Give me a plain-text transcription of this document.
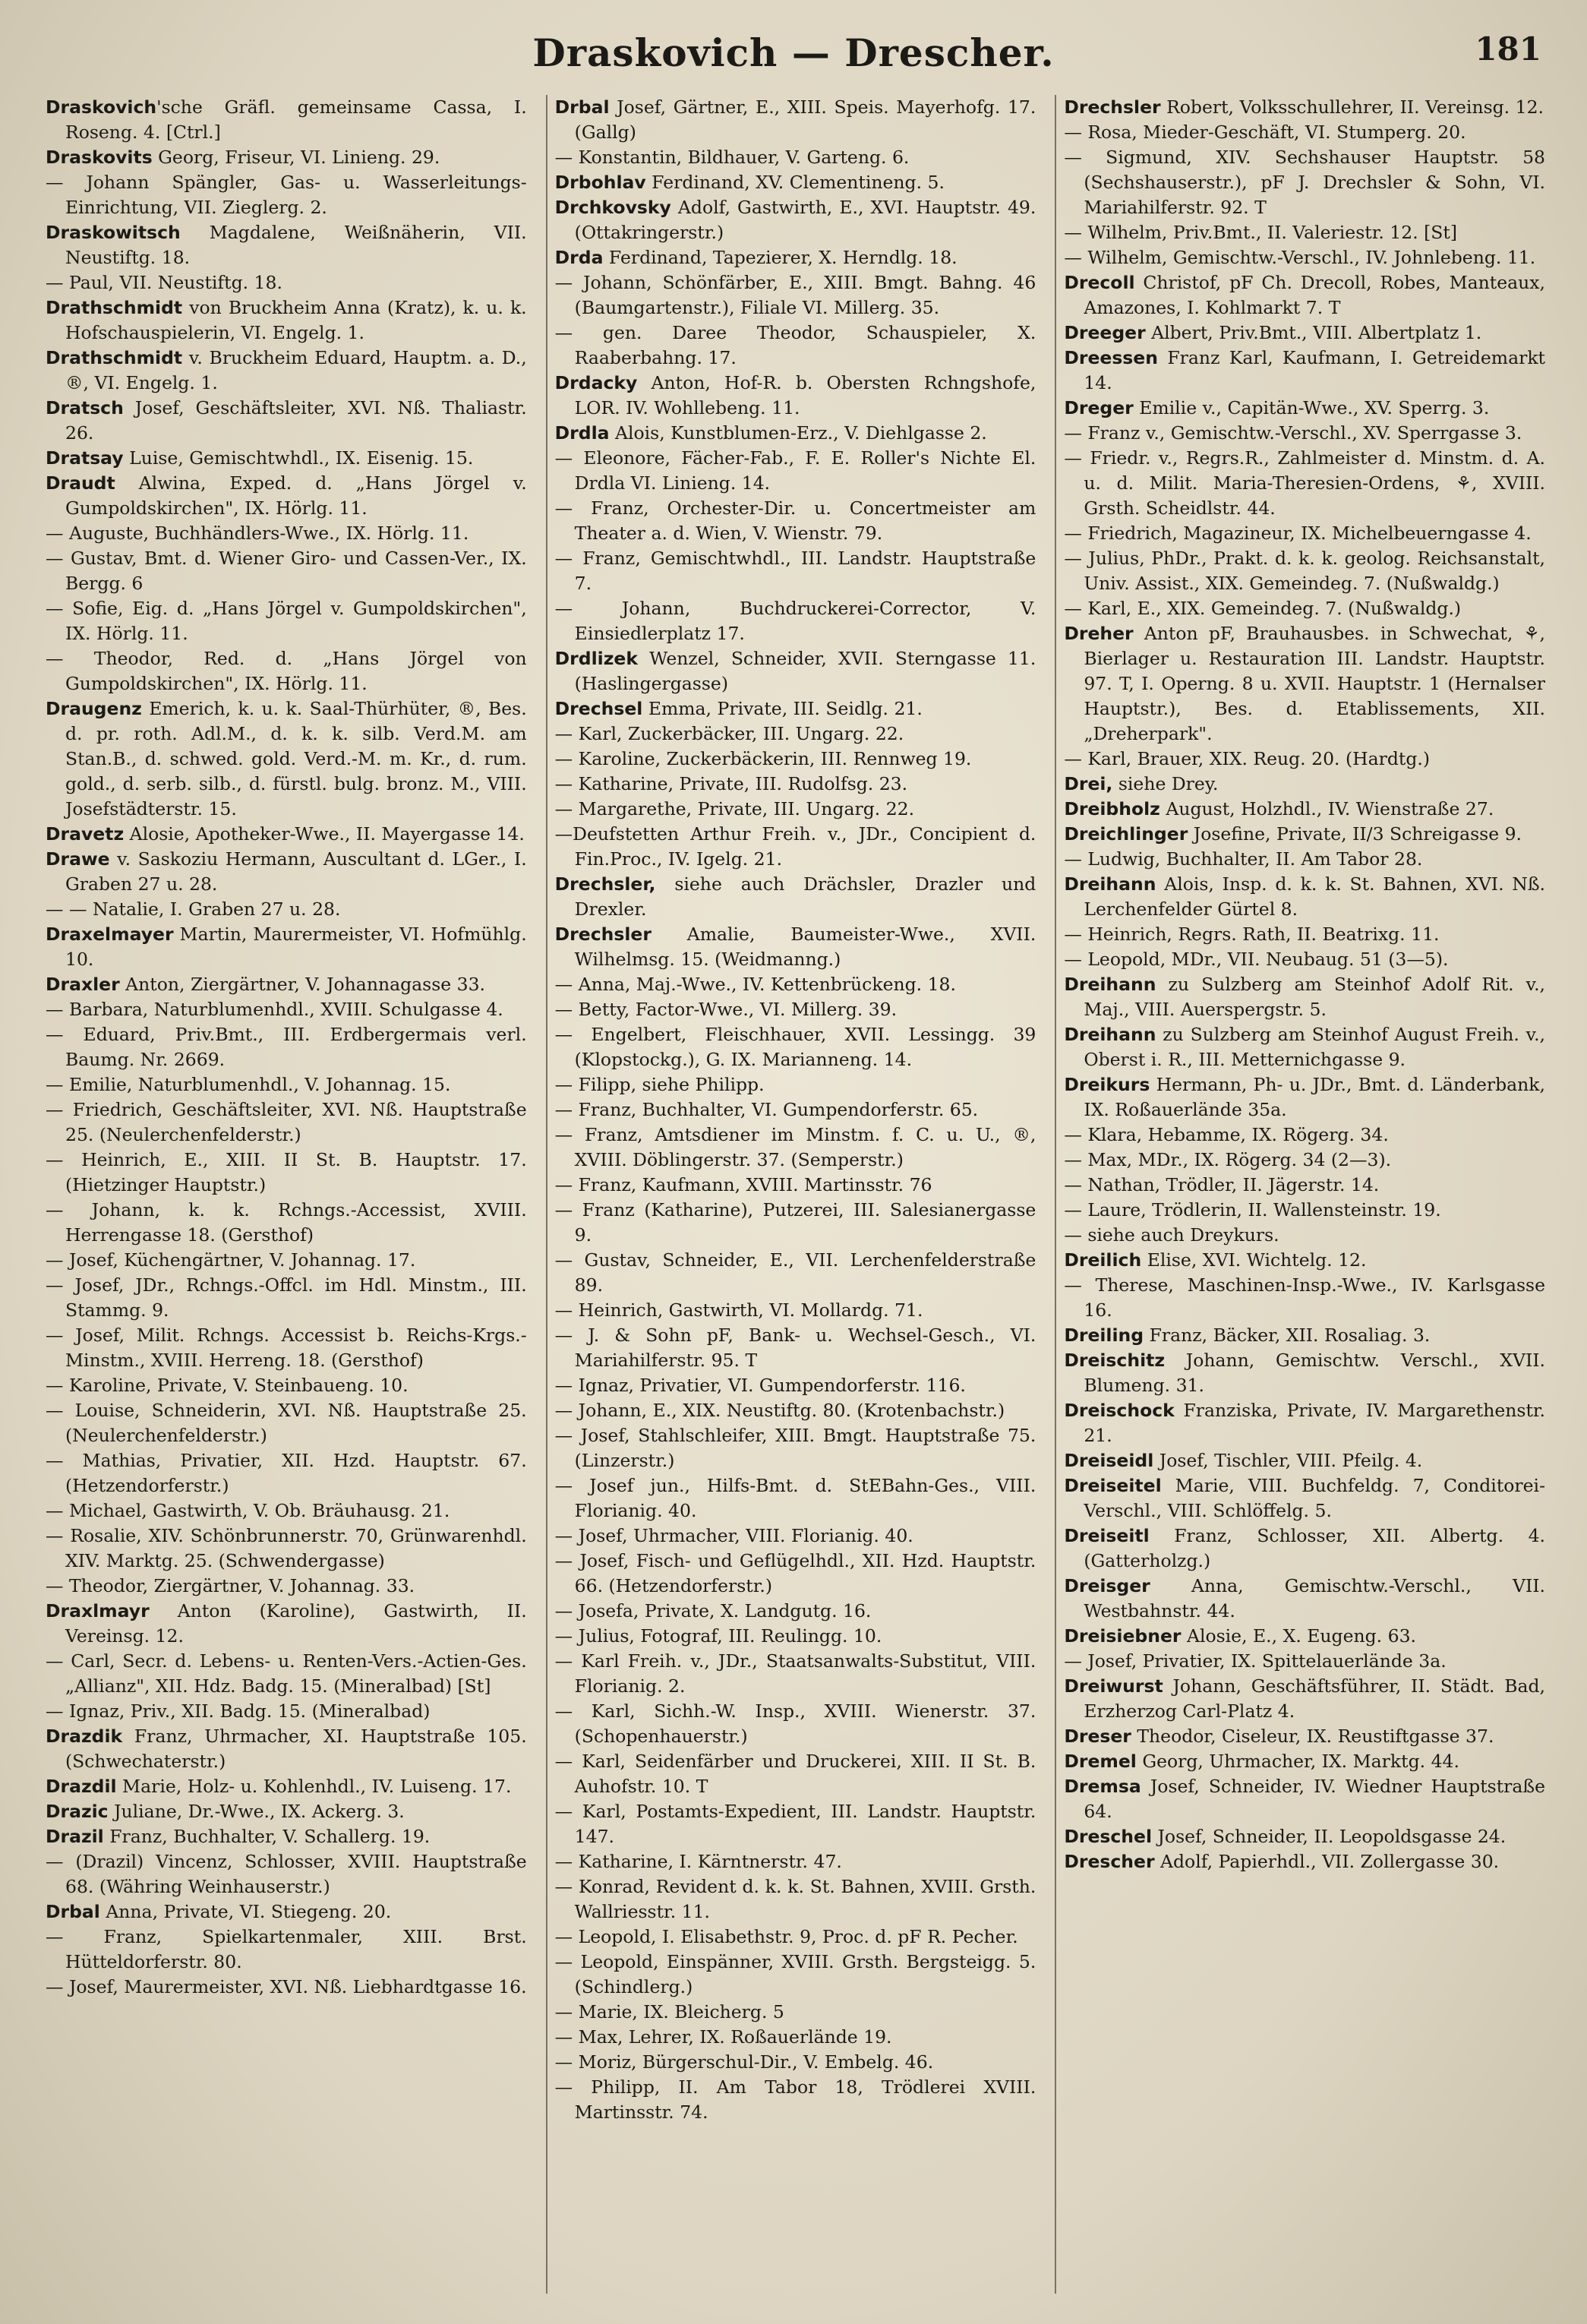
Draskovich — Drescher.	181

Draskovich'sche Gräfl. gemeinsame Cassa, I. Roseng. 4. [Ctrl.]

Draskovits Georg, Friseur, VI. Linieng. 29.

— Johann Spängler, Gas- u. Wasserleitungs-Einrichtung, VII. Zieglerg. 2.

Draskowitsch Magdalene, Weißnäherin, VII. Neustiftg. 18.

— Paul, VII. Neustiftg. 18.

Drathschmidt von Bruckheim Anna (Kratz), k. u. k. Hofschauspielerin, VI. Engelg. 1.

Drathschmidt v. Bruckheim Eduard, Hauptm. a. D., ®, VI. Engelg. 1.

Dratsch Josef, Geschäftsleiter, XVI. Nß. Thaliastr. 26.

Dratsay Luise, Gemischtwhdl., IX. Eisenig. 15.

Draudt Alwina, Exped. d. „Hans Jörgel v. Gumpoldskirchen", IX. Hörlg. 11.

— Auguste, Buchhändlers-Wwe., IX. Hörlg. 11.

— Gustav, Bmt. d. Wiener Giro- und Cassen-Ver., IX. Bergg. 6

— Sofie, Eig. d. „Hans Jörgel v. Gumpoldskirchen", IX. Hörlg. 11.

— Theodor, Red. d. „Hans Jörgel von Gumpoldskirchen", IX. Hörlg. 11.

Draugenz Emerich, k. u. k. Saal-Thürhüter, ®, Bes. d. pr. roth. Adl.M., d. k. k. silb. Verd.M. am Stan.B., d. schwed. gold. Verd.-M. m. Kr., d. rum. gold., d. serb. silb., d. fürstl. bulg. bronz. M., VIII. Josefstädterstr. 15.

Dravetz Alosie, Apotheker-Wwe., II. Mayergasse 14.

Drawe v. Saskoziu Hermann, Auscultant d. LGer., I. Graben 27 u. 28.

— — Natalie, I. Graben 27 u. 28.

Draxelmayer Martin, Maurermeister, VI. Hofmühlg. 10.

Draxler Anton, Ziergärtner, V. Johannagasse 33.

— Barbara, Naturblumenhdl., XVIII. Schulgasse 4.

— Eduard, Priv.Bmt., III. Erdbergermais verl. Baumg. Nr. 2669.

— Emilie, Naturblumenhdl., V. Johannag. 15.

— Friedrich, Geschäftsleiter, XVI. Nß. Hauptstraße 25. (Neulerchenfelderstr.)

— Heinrich, E., XIII. II St. B. Hauptstr. 17. (Hietzinger Hauptstr.)

— Johann, k. k. Rchngs.-Accessist, XVIII. Herrengasse 18. (Gersthof)

— Josef, Küchengärtner, V. Johannag. 17.

— Josef, JDr., Rchngs.-Offcl. im Hdl. Minstm., III. Stammg. 9.

— Josef, Milit. Rchngs. Accessist b. Reichs-Krgs.-Minstm., XVIII. Herreng. 18. (Gersthof)

— Karoline, Private, V. Steinbaueng. 10.

— Louise, Schneiderin, XVI. Nß. Hauptstraße 25. (Neulerchenfelderstr.)

— Mathias, Privatier, XII. Hzd. Hauptstr. 67. (Hetzendorferstr.)

— Michael, Gastwirth, V. Ob. Bräuhausg. 21.

— Rosalie, XIV. Schönbrunnerstr. 70, Grünwarenhdl. XIV. Marktg. 25. (Schwendergasse)

— Theodor, Ziergärtner, V. Johannag. 33.

Draxlmayr Anton (Karoline), Gastwirth, II. Vereinsg. 12.

— Carl, Secr. d. Lebens- u. Renten-Vers.-Actien-Ges. „Allianz", XII. Hdz. Badg. 15. (Mineralbad) [St]

— Ignaz, Priv., XII. Badg. 15. (Mineralbad)

Drazdik Franz, Uhrmacher, XI. Hauptstraße 105. (Schwechaterstr.)

Drazdil Marie, Holz- u. Kohlenhdl., IV. Luiseng. 17.

Drazic Juliane, Dr.-Wwe., IX. Ackerg. 3.

Drazil Franz, Buchhalter, V. Schallerg. 19.

— (Drazil) Vincenz, Schlosser, XVIII. Hauptstraße 68. (Währing Weinhauserstr.)

Drbal Anna, Private, VI. Stiegeng. 20.

— Franz, Spielkartenmaler, XIII. Brst. Hütteldorferstr. 80.

— Josef, Maurermeister, XVI. Nß. Liebhardtgasse 16.

Drbal Josef, Gärtner, E., XIII. Speis. Mayerhofg. 17. (Gallg)

— Konstantin, Bildhauer, V. Garteng. 6.

Drbohlav Ferdinand, XV. Clementineng. 5.

Drchkovsky Adolf, Gastwirth, E., XVI. Hauptstr. 49. (Ottakringerstr.)

Drda Ferdinand, Tapezierer, X. Herndlg. 18.

— Johann, Schönfärber, E., XIII. Bmgt. Bahng. 46 (Baumgartenstr.), Filiale VI. Millerg. 35.

— gen. Daree Theodor, Schauspieler, X. Raaberbahng. 17.

Drdacky Anton, Hof-R. b. Obersten Rchngshofe, LOR. IV. Wohllebeng. 11.

Drdla Alois, Kunstblumen-Erz., V. Diehlgasse 2.

— Eleonore, Fächer-Fab., F. E. Roller's Nichte El. Drdla VI. Linieng. 14.

— Franz, Orchester-Dir. u. Concertmeister am Theater a. d. Wien, V. Wienstr. 79.

— Franz, Gemischtwhdl., III. Landstr. Hauptstraße 7.

— Johann, Buchdruckerei-Corrector, V. Einsiedlerplatz 17.

Drdlizek Wenzel, Schneider, XVII. Sterngasse 11. (Haslingergasse)

Drechsel Emma, Private, III. Seidlg. 21.

— Karl, Zuckerbäcker, III. Ungarg. 22.

— Karoline, Zuckerbäckerin, III. Rennweg 19.

— Katharine, Private, III. Rudolfsg. 23.

— Margarethe, Private, III. Ungarg. 22.

—Deufstetten Arthur Freih. v., JDr., Concipient d. Fin.Proc., IV. Igelg. 21.

Drechsler, siehe auch Drächsler, Drazler und Drexler.

Drechsler Amalie, Baumeister-Wwe., XVII. Wilhelmsg. 15. (Weidmanng.)

— Anna, Maj.-Wwe., IV. Kettenbrückeng. 18.

— Betty, Factor-Wwe., VI. Millerg. 39.

— Engelbert, Fleischhauer, XVII. Lessingg. 39 (Klopstockg.), G. IX. Marianneng. 14.

— Filipp, siehe Philipp.

— Franz, Buchhalter, VI. Gumpendorferstr. 65.

— Franz, Amtsdiener im Minstm. f. C. u. U., ®, XVIII. Döblingerstr. 37. (Semperstr.)

— Franz, Kaufmann, XVIII. Martinsstr. 76

— Franz (Katharine), Putzerei, III. Salesianergasse 9.

— Gustav, Schneider, E., VII. Lerchenfelderstraße 89.

— Heinrich, Gastwirth, VI. Mollardg. 71.

— J. & Sohn pF, Bank- u. Wechsel-Gesch., VI. Mariahilferstr. 95. T

— Ignaz, Privatier, VI. Gumpendorferstr. 116.

— Johann, E., XIX. Neustiftg. 80. (Krotenbachstr.)

— Josef, Stahlschleifer, XIII. Bmgt. Hauptstraße 75. (Linzerstr.)

— Josef jun., Hilfs-Bmt. d. StEBahn-Ges., VIII. Florianig. 40.

— Josef, Uhrmacher, VIII. Florianig. 40.

— Josef, Fisch- und Geflügelhdl., XII. Hzd. Hauptstr. 66. (Hetzendorferstr.)

— Josefa, Private, X. Landgutg. 16.

— Julius, Fotograf, III. Reulingg. 10.

— Karl Freih. v., JDr., Staatsanwalts-Substitut, VIII. Florianig. 2.

— Karl, Sichh.-W. Insp., XVIII. Wienerstr. 37. (Schopenhauerstr.)

— Karl, Seidenfärber und Druckerei, XIII. II St. B. Auhofstr. 10. T

— Karl, Postamts-Expedient, III. Landstr. Hauptstr. 147.

— Katharine, I. Kärntnerstr. 47.

— Konrad, Revident d. k. k. St. Bahnen, XVIII. Grsth. Wallriesstr. 11.

— Leopold, I. Elisabethstr. 9, Proc. d. pF R. Pecher.

— Leopold, Einspänner, XVIII. Grsth. Bergsteigg. 5. (Schindlerg.)

— Marie, IX. Bleicherg. 5

— Max, Lehrer, IX. Roßauerlände 19.

— Moriz, Bürgerschul-Dir., V. Embelg. 46.

— Philipp, II. Am Tabor 18, Trödlerei XVIII. Martinsstr. 74.

Drechsler Robert, Volksschullehrer, II. Vereinsg. 12.

— Rosa, Mieder-Geschäft, VI. Stumperg. 20.

— Sigmund, XIV. Sechshauser Hauptstr. 58 (Sechshauserstr.), pF J. Drechsler & Sohn, VI. Mariahilferstr. 92. T

— Wilhelm, Priv.Bmt., II. Valeriestr. 12. [St]

— Wilhelm, Gemischtw.-Verschl., IV. Johnlebeng. 11.

Drecoll Christof, pF Ch. Drecoll, Robes, Manteaux, Amazones, I. Kohlmarkt 7. T

Dreeger Albert, Priv.Bmt., VIII. Albertplatz 1.

Dreessen Franz Karl, Kaufmann, I. Getreidemarkt 14.

Dreger Emilie v., Capitän-Wwe., XV. Sperrg. 3.

— Franz v., Gemischtw.-Verschl., XV. Sperrgasse 3.

— Friedr. v., Regrs.R., Zahlmeister d. Minstm. d. A. u. d. Milit. Maria-Theresien-Ordens, ⚘, XVIII. Grsth. Scheidlstr. 44.

— Friedrich, Magazineur, IX. Michelbeuerngasse 4.

— Julius, PhDr., Prakt. d. k. k. geolog. Reichsanstalt, Univ. Assist., XIX. Gemeindeg. 7. (Nußwaldg.)

— Karl, E., XIX. Gemeindeg. 7. (Nußwaldg.)

Dreher Anton pF, Brauhausbes. in Schwechat, ⚘, Bierlager u. Restauration III. Landstr. Hauptstr. 97. T, I. Operng. 8 u. XVII. Hauptstr. 1 (Hernalser Hauptstr.), Bes. d. Etablissements, XII. „Dreherpark".

— Karl, Brauer, XIX. Reug. 20. (Hardtg.)

Drei, siehe Drey.

Dreibholz August, Holzhdl., IV. Wienstraße 27.

Dreichlinger Josefine, Private, II/3 Schreigasse 9.

— Ludwig, Buchhalter, II. Am Tabor 28.

Dreihann Alois, Insp. d. k. k. St. Bahnen, XVI. Nß. Lerchenfelder Gürtel 8.

— Heinrich, Regrs. Rath, II. Beatrixg. 11.

— Leopold, MDr., VII. Neubaug. 51 (3—5).

Dreihann zu Sulzberg am Steinhof Adolf Rit. v., Maj., VIII. Auerspergstr. 5.

Dreihann zu Sulzberg am Steinhof August Freih. v., Oberst i. R., III. Metternichgasse 9.

Dreikurs Hermann, Ph- u. JDr., Bmt. d. Länderbank, IX. Roßauerlände 35a.

— Klara, Hebamme, IX. Rögerg. 34.

— Max, MDr., IX. Rögerg. 34 (2—3).

— Nathan, Trödler, II. Jägerstr. 14.

— Laure, Trödlerin, II. Wallensteinstr. 19.

— siehe auch Dreykurs.

Dreilich Elise, XVI. Wichtelg. 12.

— Therese, Maschinen-Insp.-Wwe., IV. Karlsgasse 16.

Dreiling Franz, Bäcker, XII. Rosaliag. 3.

Dreischitz Johann, Gemischtw. Verschl., XVII. Blumeng. 31.

Dreischock Franziska, Private, IV. Margarethenstr. 21.

Dreiseidl Josef, Tischler, VIII. Pfeilg. 4.

Dreiseitel Marie, VIII. Buchfeldg. 7, Conditorei-Verschl., VIII. Schlöffelg. 5.

Dreiseitl Franz, Schlosser, XII. Albertg. 4. (Gatterholzg.)

Dreisger Anna, Gemischtw.-Verschl., VII. Westbahnstr. 44.

Dreisiebner Alosie, E., X. Eugeng. 63.

— Josef, Privatier, IX. Spittelauerlände 3a.

Dreiwurst Johann, Geschäftsführer, II. Städt. Bad, Erzherzog Carl-Platz 4.

Dreser Theodor, Ciseleur, IX. Reustiftgasse 37.

Dremel Georg, Uhrmacher, IX. Marktg. 44.

Dremsa Josef, Schneider, IV. Wiedner Hauptstraße 64.

Dreschel Josef, Schneider, II. Leopoldsgasse 24.

Drescher Adolf, Papierhdl., VII. Zollergasse 30.
